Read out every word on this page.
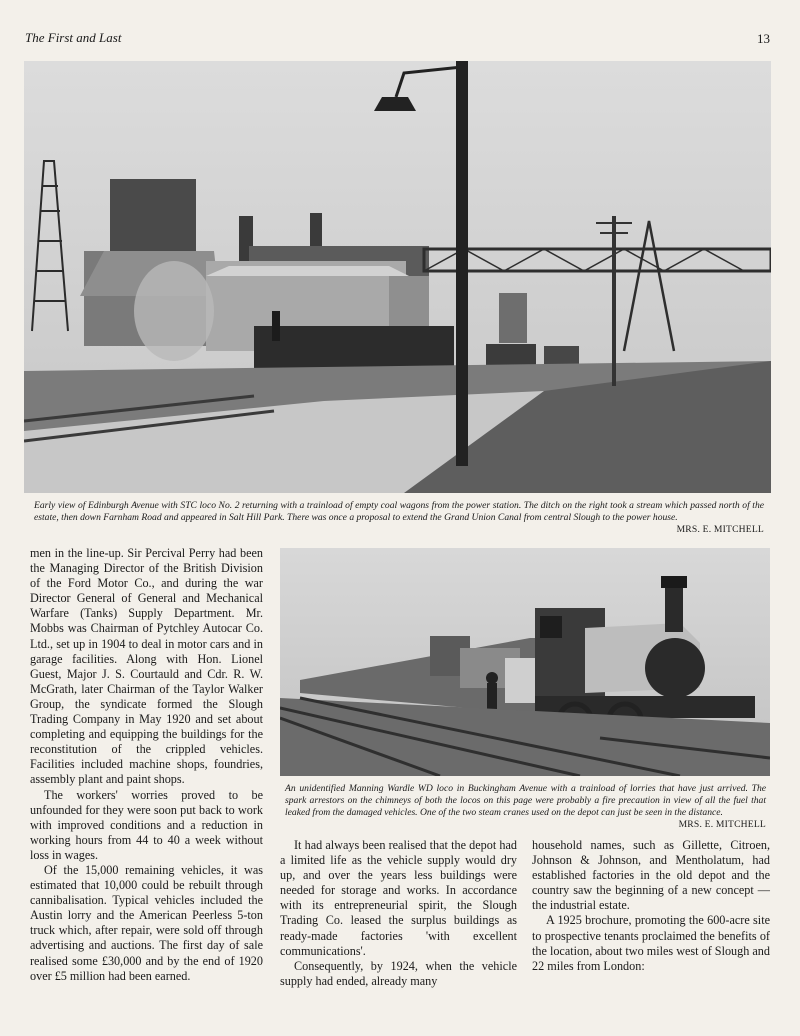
The First and Last	13
Early view of Edinburgh Avenue with STC loco No. 2 returning with a trainload of empty coal wagons from the power station. The ditch on the right took a stream which passed north of the estate, then down Farnham Road and appeared in Salt Hill Park. There was once a proposal to extend the Grand Union Canal from central Slough to the power house.
MRS. E. MITCHELL
An unidentified Manning Wardle WD loco in Buckingham Avenue with a trainload of lorries that have just arrived. The spark arrestors on the chimneys of both the locos on this page were probably a fire precaution in view of all the fuel that leaked from the damaged vehicles. One of the two steam cranes used on the depot can just be seen in the distance.
MRS. E. MITCHELL

men in the line-up. Sir Percival Perry had been the Managing Director of the British Division of the Ford Motor Co., and during the war Director General of General and Mechanical Warfare (Tanks) Supply Department. Mr. Mobbs was Chairman of Pytchley Autocar Co. Ltd., set up in 1904 to deal in motor cars and in garage facilities. Along with Hon. Lionel Guest, Major J. S. Courtauld and Cdr. R. W. McGrath, later Chairman of the Taylor Walker Group, the syndicate formed the Slough Trading Company in May 1920 and set about completing and equipping the buildings for the reconstitution of the crippled vehicles. Facilities included machine shops, foundries, assembly plant and paint shops.

The workers' worries proved to be unfounded for they were soon put back to work with improved conditions and a reduction in working hours from 44 to 40 a week without loss in wages.

Of the 15,000 remaining vehicles, it was estimated that 10,000 could be rebuilt through cannibalisation. Typical vehicles included the Austin lorry and the American Peerless 5-ton truck which, after repair, were sold off through advertising and auctions. The first day of sale realised some £30,000 and by the end of 1920 over £5 million had been earned.

It had always been realised that the depot had a limited life as the vehicle supply would dry up, and over the years less buildings were needed for storage and works. In accordance with its entrepreneurial spirit, the Slough Trading Co. leased the surplus buildings as ready-made factories 'with excellent communications'.

Consequently, by 1924, when the vehicle supply had ended, already many

household names, such as Gillette, Citroen, Johnson & Johnson, and Mentholatum, had established factories in the old depot and the country saw the beginning of a new concept — the industrial estate.

A 1925 brochure, promoting the 600-acre site to prospective tenants proclaimed the benefits of the location, about two miles west of Slough and 22 miles from London:
